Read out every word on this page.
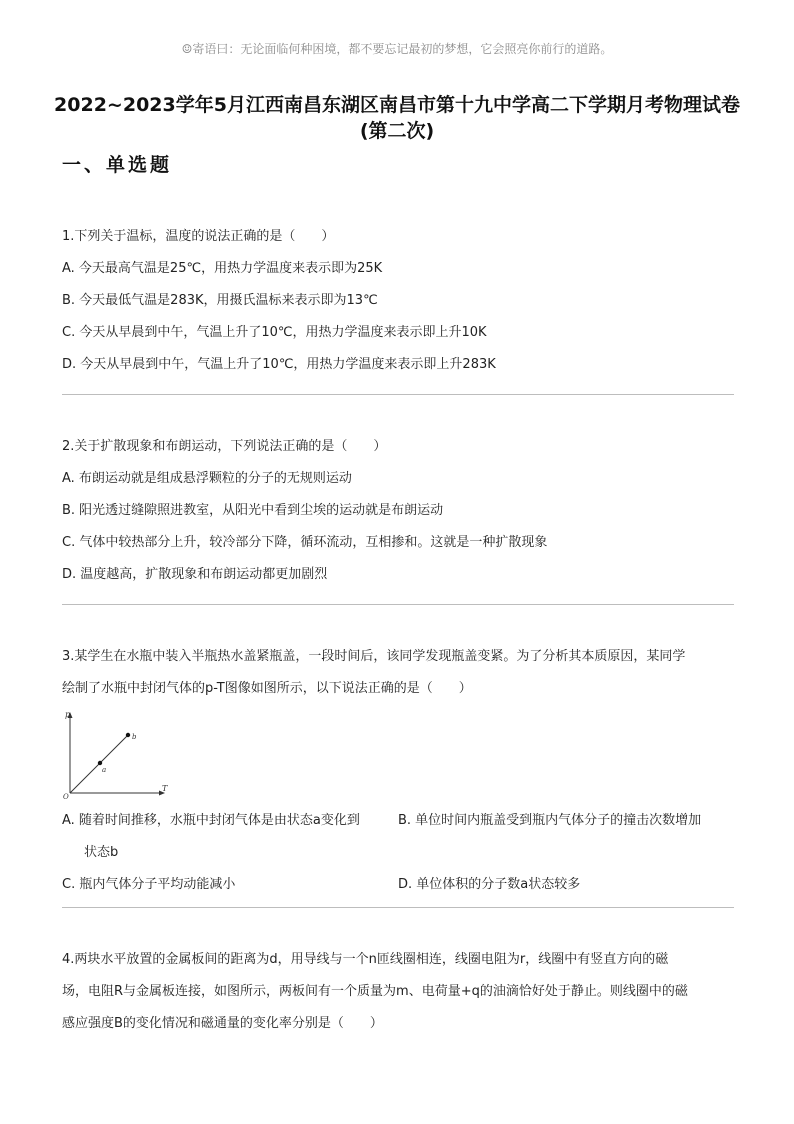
☺寄语曰：无论面临何种困境，都不要忘记最初的梦想，它会照亮你前行的道路。
2022~2023学年5月江西南昌东湖区南昌市第十九中学高二下学期月考物理试卷
(第二次)
一、单选题
1.下列关于温标，温度的说法正确的是（　　）
A. 今天最高气温是25℃，用热力学温度来表示即为25K
B. 今天最低气温是283K，用摄氏温标来表示即为13℃
C. 今天从早晨到中午，气温上升了10℃，用热力学温度来表示即上升10K
D. 今天从早晨到中午，气温上升了10℃，用热力学温度来表示即上升283K
2.关于扩散现象和布朗运动，下列说法正确的是（　　）
A. 布朗运动就是组成悬浮颗粒的分子的无规则运动
B. 阳光透过缝隙照进教室，从阳光中看到尘埃的运动就是布朗运动
C. 气体中较热部分上升，较冷部分下降，循环流动，互相掺和。这就是一种扩散现象
D. 温度越高，扩散现象和布朗运动都更加剧烈
3.某学生在水瓶中装入半瓶热水盖紧瓶盖，一段时间后，该同学发现瓶盖变紧。为了分析其本质原因，某同学
绘制了水瓶中封闭气体的p-T图像如图所示，以下说法正确的是（　　）
p
T
O
a
b
A. 随着时间推移，水瓶中封闭气体是由状态a变化到
状态b
B. 单位时间内瓶盖受到瓶内气体分子的撞击次数增加
C. 瓶内气体分子平均动能减小	D. 单位体积的分子数a状态较多
4.两块水平放置的金属板间的距离为d，用导线与一个n匝线圈相连，线圈电阻为r，线圈中有竖直方向的磁
场，电阻R与金属板连接，如图所示，两板间有一个质量为m、电荷量+q的油滴恰好处于静止。则线圈中的磁
感应强度B的变化情况和磁通量的变化率分别是（　　）
